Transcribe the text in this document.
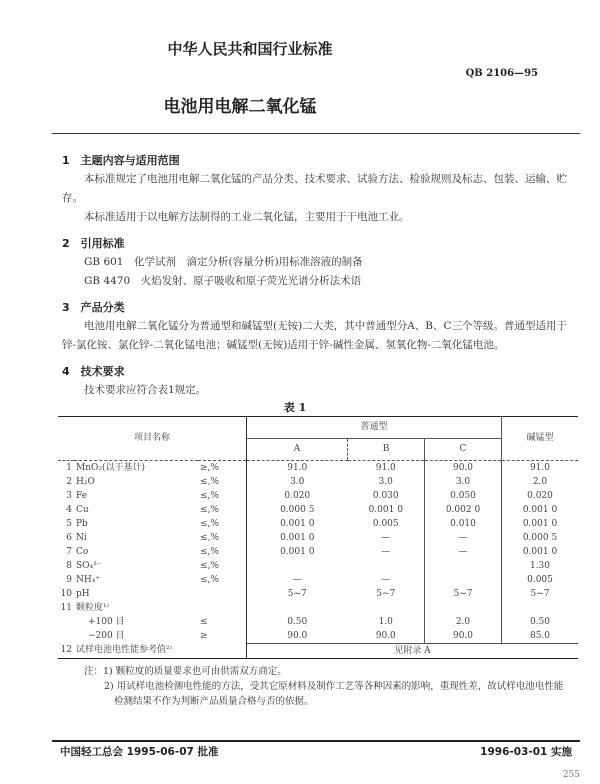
中华人民共和国行业标准
QB 2106—95
电池用电解二氧化锰
1　主题内容与适用范围
本标准规定了电池用电解二氧化锰的产品分类、技术要求、试验方法、检验规则及标志、包装、运输、贮存。
本标准适用于以电解方法制得的工业二氧化锰，主要用于干电池工业。
2　引用标准
GB 601　化学试剂　滴定分析(容量分析)用标准溶液的制备
GB 4470　火焰发射、原子吸收和原子荧光光谱分析法术语
3　产品分类
电池用电解二氧化锰分为普通型和碱锰型(无铵)二大类，其中普通型分A、B、C三个等级。普通型适用于锌-氯化铵、氯化锌-二氧化锰电池；碱锰型(无铵)适用于锌-碱性金属、氢氧化物-二氧化锰电池。
4　技术要求
技术要求应符合表1规定。
表 1
项目名称			普通型			碱锰型
			A	B	C	
1	MnO₂(以干基计)	≥,%	91.0	91.0	90.0	91.0
2	H₂O	≤,%	3.0	3.0	3.0	2.0
3	Fe	≤,%	0.020	0.030	0.050	0.020
4	Cu	≤,%	0.000 5	0.001 0	0.002 0	0.001 0
5	Pb	≤,%	0.001 0	0.005	0.010	0.001 0
6	Ni	≤,%	0.001 0	—	—	0.000 5
7	Co	≤,%	0.001 0	—	—	0.001 0
8	SO₄²⁻	≤,%				1.30
9	NH₄⁺	≤,%	—	—		0.005
10	pH		5~7	5~7	5~7	5~7
11	颗粒度¹⁾					
	+100 目	≤	0.50	1.0	2.0	0.50
	−200 目	≥	90.0	90.0	90.0	85.0
12	试样电池电性能参考值²⁾		见附录 A			
注：1) 颗粒度的质量要求也可由供需双方商定。
2) 用试样电池检测电性能的方法，受其它原材料及制作工艺等各种因素的影响，重现性差，故试样电池电性能
检测结果不作为判断产品质量合格与否的依据。
中国轻工总会 1995-06-07 批准	1996-03-01 实施
255
